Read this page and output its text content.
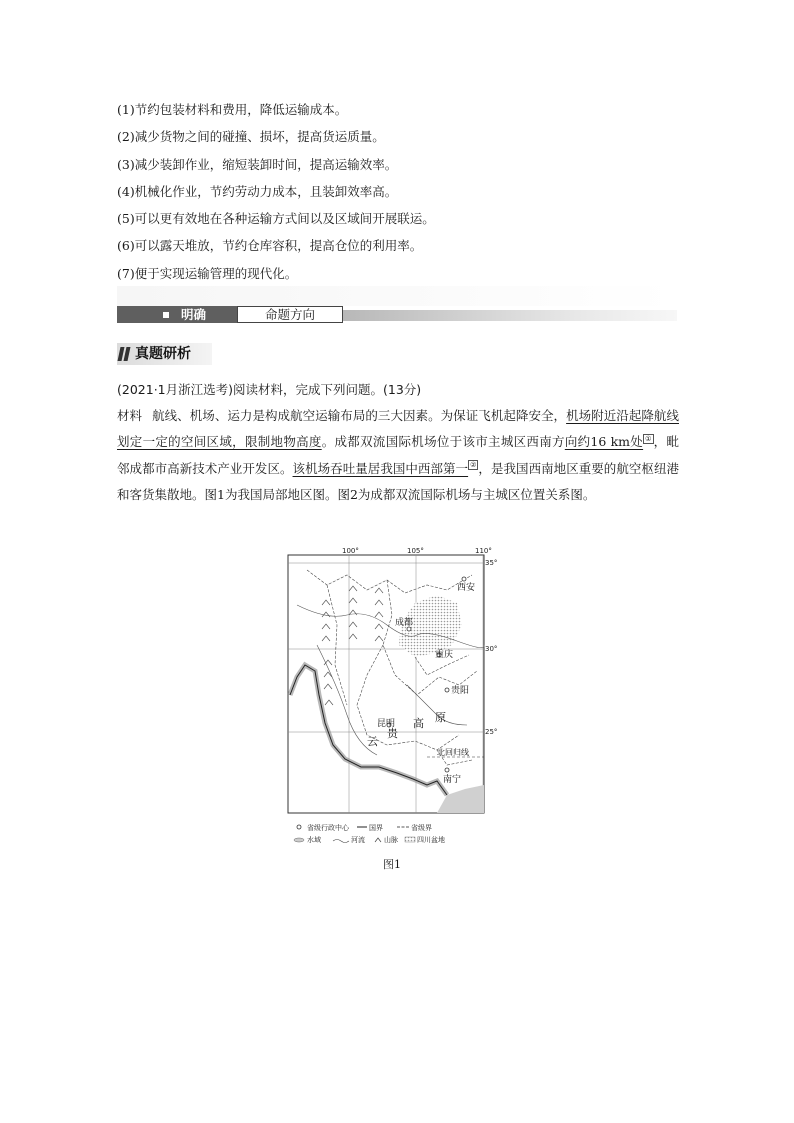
(1)节约包装材料和费用，降低运输成本。
(2)减少货物之间的碰撞、损坏，提高货运质量。
(3)减少装卸作业，缩短装卸时间，提高运输效率。
(4)机械化作业，节约劳动力成本，且装卸效率高。
(5)可以更有效地在各种运输方式间以及区域间开展联运。
(6)可以露天堆放，节约仓库容积，提高仓位的利用率。
(7)便于实现运输管理的现代化。
明确	命题方向
真题研析
(2021·1月浙江选考)阅读材料，完成下列问题。(13分)
材料 航线、机场、运力是构成航空运输布局的三大因素。为保证飞机起降安全，机场附近沿起降航线划定一定的空间区域，限制地物高度。成都双流国际机场位于该市主城区西南方向约16 km处 ① ，毗邻成都市高新技术产业开发区。该机场吞吐量居我国中西部第一 ② ，是我国西南地区重要的航空枢纽港和客货集散地。图1为我国局部地区图。图2为成都双流国际机场与主城区位置关系图。
100°	105°	110°
35°
30°
25°
西安
成都
重庆
贵阳
昆明
南宁
云
贵
高 原
北回归线
省级行政中心	国界	省级界
水域	河流	山脉	四川盆地
图1
